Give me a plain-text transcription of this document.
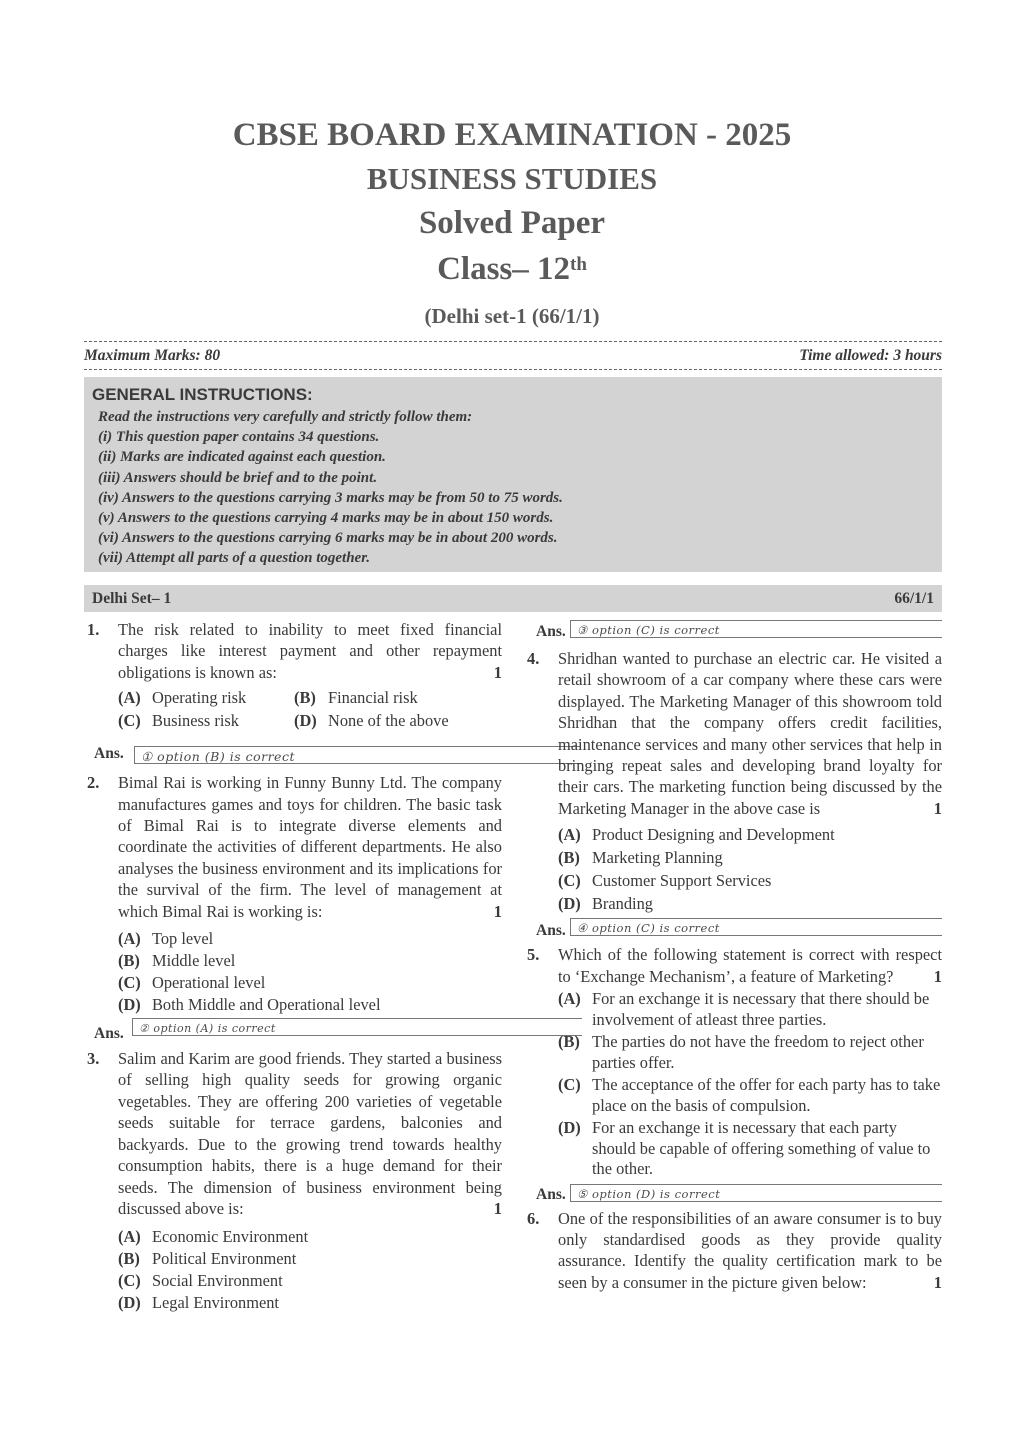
CBSE BOARD EXAMINATION - 2025
BUSINESS STUDIES
Solved Paper
Class– 12th
(Delhi set-1 (66/1/1)
Maximum Marks: 80	Time allowed: 3 hours
GENERAL INSTRUCTIONS:
Read the instructions very carefully and strictly follow them:
(i) This question paper contains 34 questions.
(ii) Marks are indicated against each question.
(iii) Answers should be brief and to the point.
(iv) Answers to the questions carrying 3 marks may be from 50 to 75 words.
(v) Answers to the questions carrying 4 marks may be in about 150 words.
(vi) Answers to the questions carrying 6 marks may be in about 200 words.
(vii) Attempt all parts of a question together.
Delhi Set– 1	66/1/1
1. The risk related to inability to meet fixed financial charges like interest payment and other repayment obligations is known as:	1
(A) Operating risk	(B) Financial risk
(C) Business risk	(D) None of the above
Ans. ① option (B) is correct
2. Bimal Rai is working in Funny Bunny Ltd. The company manufactures games and toys for children. The basic task of Bimal Rai is to integrate diverse elements and coordinate the activities of different departments. He also analyses the business environment and its implications for the survival of the firm. The level of management at which Bimal Rai is working is:	1
(A) Top level
(B) Middle level
(C) Operational level
(D) Both Middle and Operational level
Ans. ② option (A) is correct
3. Salim and Karim are good friends. They started a business of selling high quality seeds for growing organic vegetables. They are offering 200 varieties of vegetable seeds suitable for terrace gardens, balconies and backyards. Due to the growing trend towards healthy consumption habits, there is a huge demand for their seeds. The dimension of business environment being discussed above is:	1
(A) Economic Environment
(B) Political Environment
(C) Social Environment
(D) Legal Environment
Ans. ③ option (C) is correct
4. Shridhan wanted to purchase an electric car. He visited a retail showroom of a car company where these cars were displayed. The Marketing Manager of this showroom told Shridhan that the company offers credit facilities, maintenance services and many other services that help in bringing repeat sales and developing brand loyalty for their cars. The marketing function being discussed by the Marketing Manager in the above case is	1
(A) Product Designing and Development
(B) Marketing Planning
(C) Customer Support Services
(D) Branding
Ans. ④ option (C) is correct
5. Which of the following statement is correct with respect to ‘Exchange Mechanism’, a feature of Marketing? 1
(A) For an exchange it is necessary that there should be involvement of atleast three parties.
(B) The parties do not have the freedom to reject other parties offer.
(C) The acceptance of the offer for each party has to take place on the basis of compulsion.
(D) For an exchange it is necessary that each party should be capable of offering something of value to the other.
Ans. ⑤ option (D) is correct
6. One of the responsibilities of an aware consumer is to buy only standardised goods as they provide quality assurance. Identify the quality certification mark to be seen by a consumer in the picture given below:	1
